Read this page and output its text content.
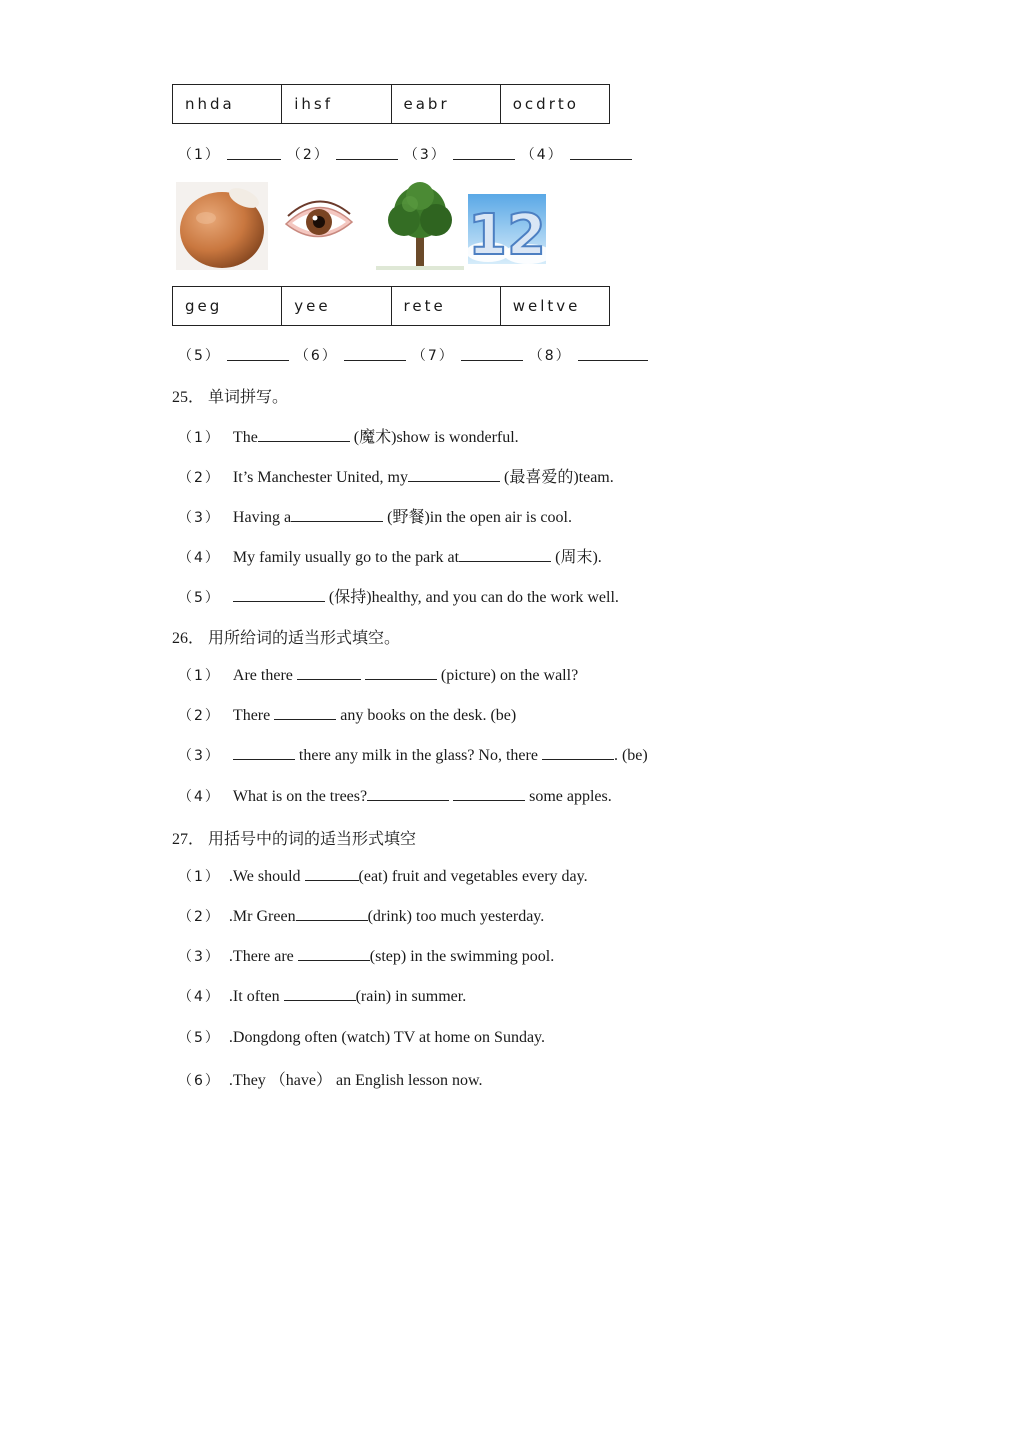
nhda	ihsf	eabr	ocdrto
（1）	（2）	（3）	（4）
12
geg	yee	rete	weltve
（5）	（6）	（7）	（8）
25． 单词拼写。
（1） The	(魔术)show is wonderful.
（2） It’s Manchester United, my	(最喜爱的)team.
（3） Having a	(野餐)in the open air is cool.
（4） My family usually go to the park at	(周末).
（5）	(保持)healthy, and you can do the work well.
26． 用所给词的适当形式填空。
（1） Are there	(picture) on the wall?
（2） There	any books on the desk. (be)
（3）	there any milk in the glass? No, there	. (be)
（4） What is on the trees?	some apples.
27． 用括号中的词的适当形式填空
（1） .We should	(eat) fruit and vegetables every day.
（2） .Mr Green	(drink) too much yesterday.
（3） .There are	(step) in the swimming pool.
（4） .It often	(rain) in summer.
（5） .Dongdong often (watch) TV at home on Sunday.
（6） .They （have） an English lesson now.
